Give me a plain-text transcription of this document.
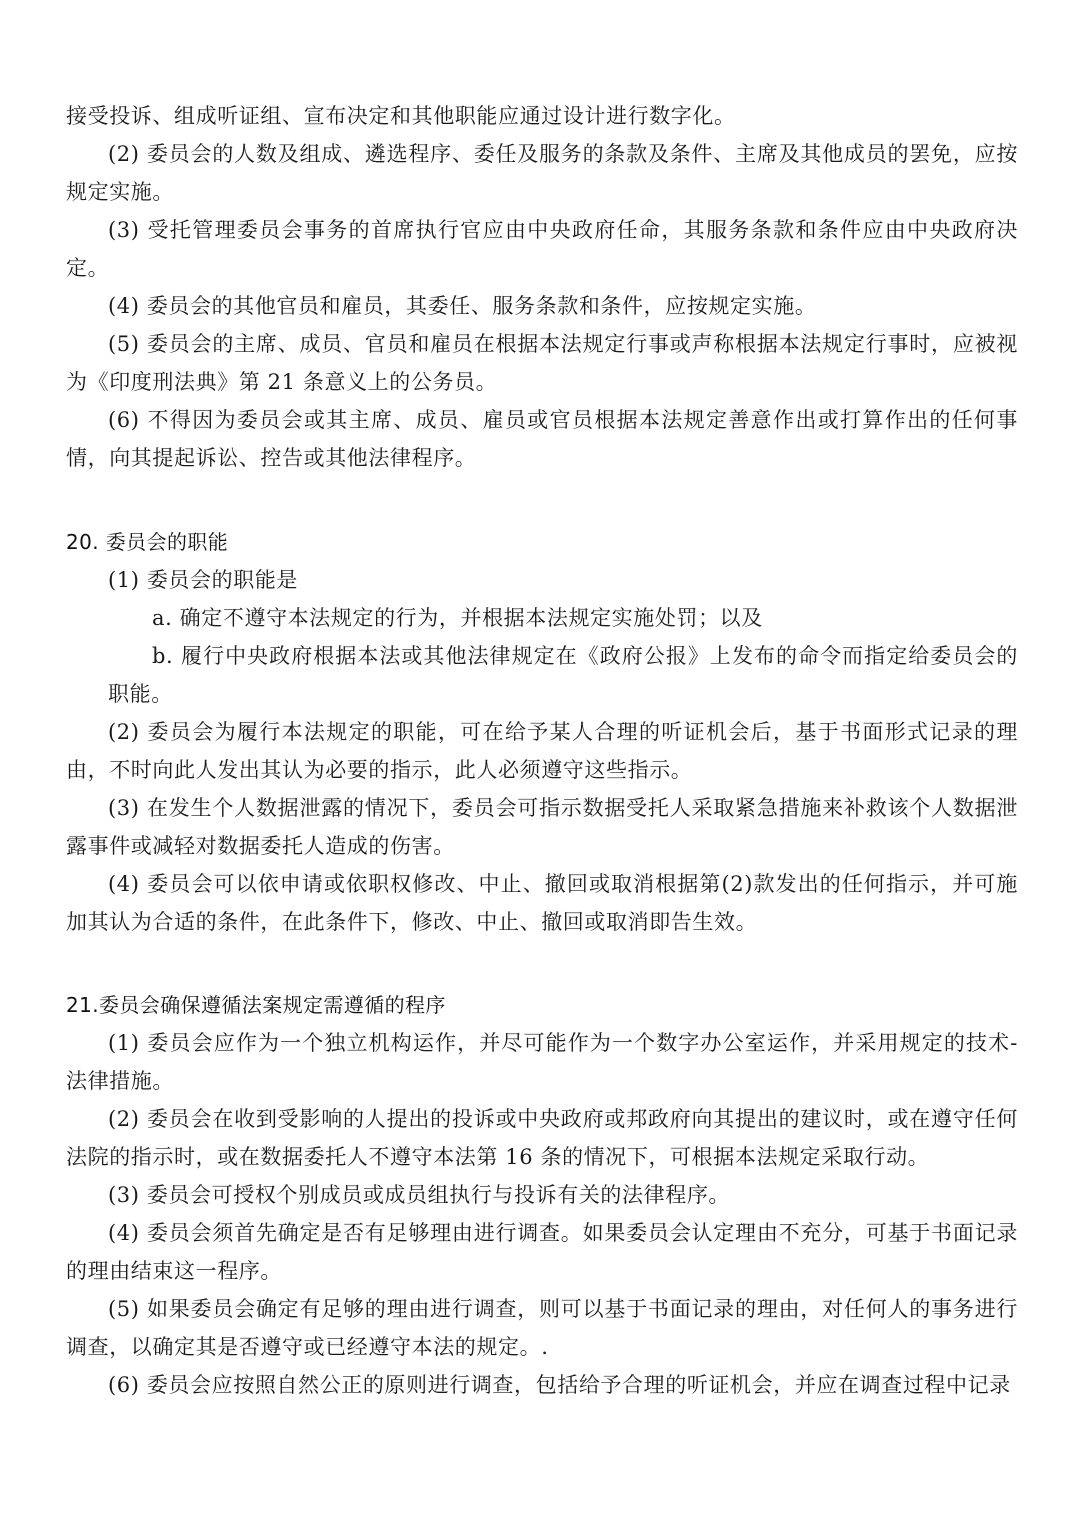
接受投诉、组成听证组、宣布决定和其他职能应通过设计进行数字化。

(2) 委员会的人数及组成、遴选程序、委任及服务的条款及条件、主席及其他成员的罢免，应按规定实施。

(3) 受托管理委员会事务的首席执行官应由中央政府任命，其服务条款和条件应由中央政府决定。

(4) 委员会的其他官员和雇员，其委任、服务条款和条件，应按规定实施。

(5) 委员会的主席、成员、官员和雇员在根据本法规定行事或声称根据本法规定行事时，应被视为《印度刑法典》第 21 条意义上的公务员。

(6) 不得因为委员会或其主席、成员、雇员或官员根据本法规定善意作出或打算作出的任何事情，向其提起诉讼、控告或其他法律程序。

20. 委员会的职能

(1) 委员会的职能是

a. 确定不遵守本法规定的行为，并根据本法规定实施处罚；以及

b. 履行中央政府根据本法或其他法律规定在《政府公报》上发布的命令而指定给委员会的职能。

(2) 委员会为履行本法规定的职能，可在给予某人合理的听证机会后，基于书面形式记录的理由，不时向此人发出其认为必要的指示，此人必须遵守这些指示。

(3) 在发生个人数据泄露的情况下，委员会可指示数据受托人采取紧急措施来补救该个人数据泄露事件或减轻对数据委托人造成的伤害。

(4) 委员会可以依申请或依职权修改、中止、撤回或取消根据第(2)款发出的任何指示，并可施加其认为合适的条件，在此条件下，修改、中止、撤回或取消即告生效。

21.委员会确保遵循法案规定需遵循的程序

(1) 委员会应作为一个独立机构运作，并尽可能作为一个数字办公室运作，并采用规定的技术-法律措施。

(2) 委员会在收到受影响的人提出的投诉或中央政府或邦政府向其提出的建议时，或在遵守任何法院的指示时，或在数据委托人不遵守本法第 16 条的情况下，可根据本法规定采取行动。

(3) 委员会可授权个别成员或成员组执行与投诉有关的法律程序。

(4) 委员会须首先确定是否有足够理由进行调查。如果委员会认定理由不充分，可基于书面记录的理由结束这一程序。

(5) 如果委员会确定有足够的理由进行调查，则可以基于书面记录的理由，对任何人的事务进行调查，以确定其是否遵守或已经遵守本法的规定。.

(6) 委员会应按照自然公正的原则进行调查，包括给予合理的听证机会，并应在调查过程中记录
